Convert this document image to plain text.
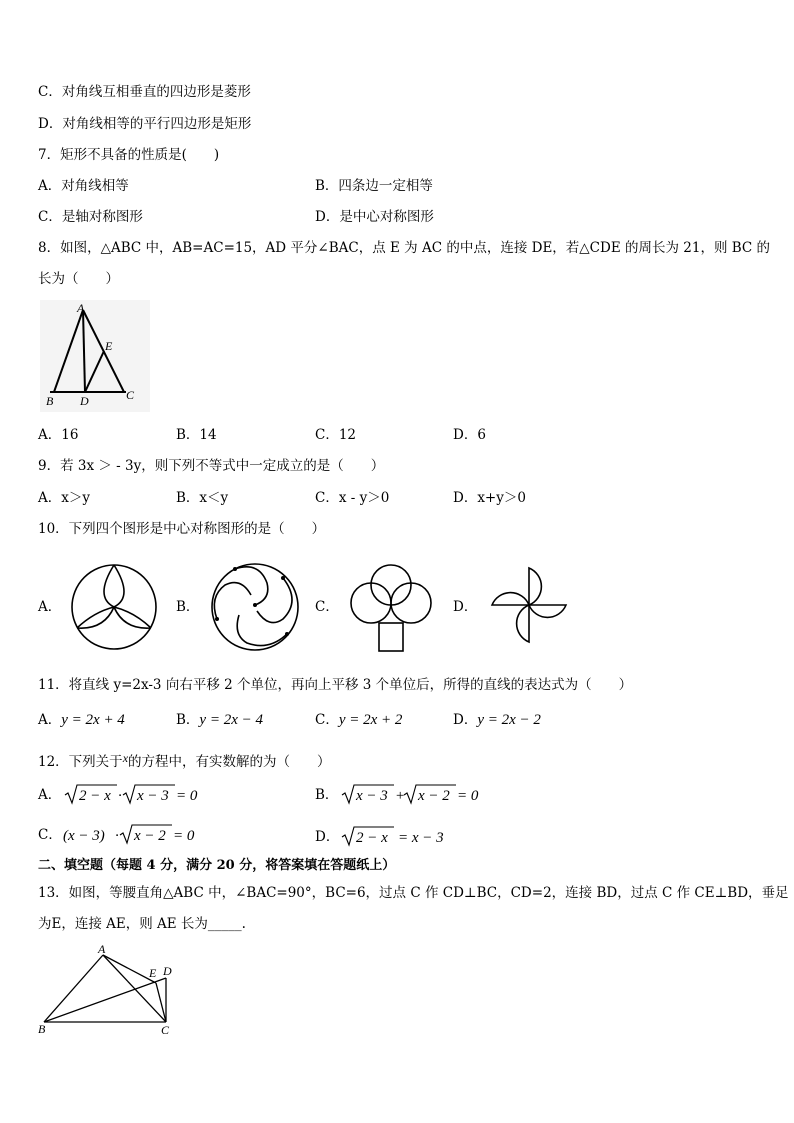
C．对角线互相垂直的四边形是菱形
D．对角线相等的平行四边形是矩形
7．矩形不具备的性质是(　　)
A．对角线相等	B．四条边一定相等
C．是轴对称图形	D．是中心对称图形
8．如图，△ABC 中，AB=AC=15，AD 平分∠BAC，点 E 为 AC 的中点，连接 DE，若△CDE 的周长为 21，则 BC 的
长为（　　）
A
E
B D	C
A．16	B．14	C．12	D．6
9．若 3x ＞ - 3y，则下列不等式中一定成立的是（　　）
A．x＞y	B．x＜y	C．x - y＞0	D．x+y＞0
10．下列四个图形是中心对称图形的是（　　）
A．	B．	C．	D．
11．将直线 y=2x-3 向右平移 2 个单位，再向上平移 3 个单位后，所得的直线的表达式为（　　）
A．y = 2x + 4	B．y = 2x − 4	C．y = 2x + 2	D．y = 2x − 2
12．下列关于x的方程中，有实数解的为（　　）
A． 2 − x · x − 3 = 0	B． x − 3 + x − 2 = 0
C． (x − 3) · x − 2 = 0	D． 2 − x = x − 3
二、填空题（每题 4 分，满分 20 分，将答案填在答题纸上）
13．如图，等腰直角△ABC 中，∠BAC=90°，BC=6，过点 C 作 CD⊥BC，CD=2，连接 BD，过点 C 作 CE⊥BD，垂足
为E，连接 AE，则 AE 长为_____.
A
E D
B	C
